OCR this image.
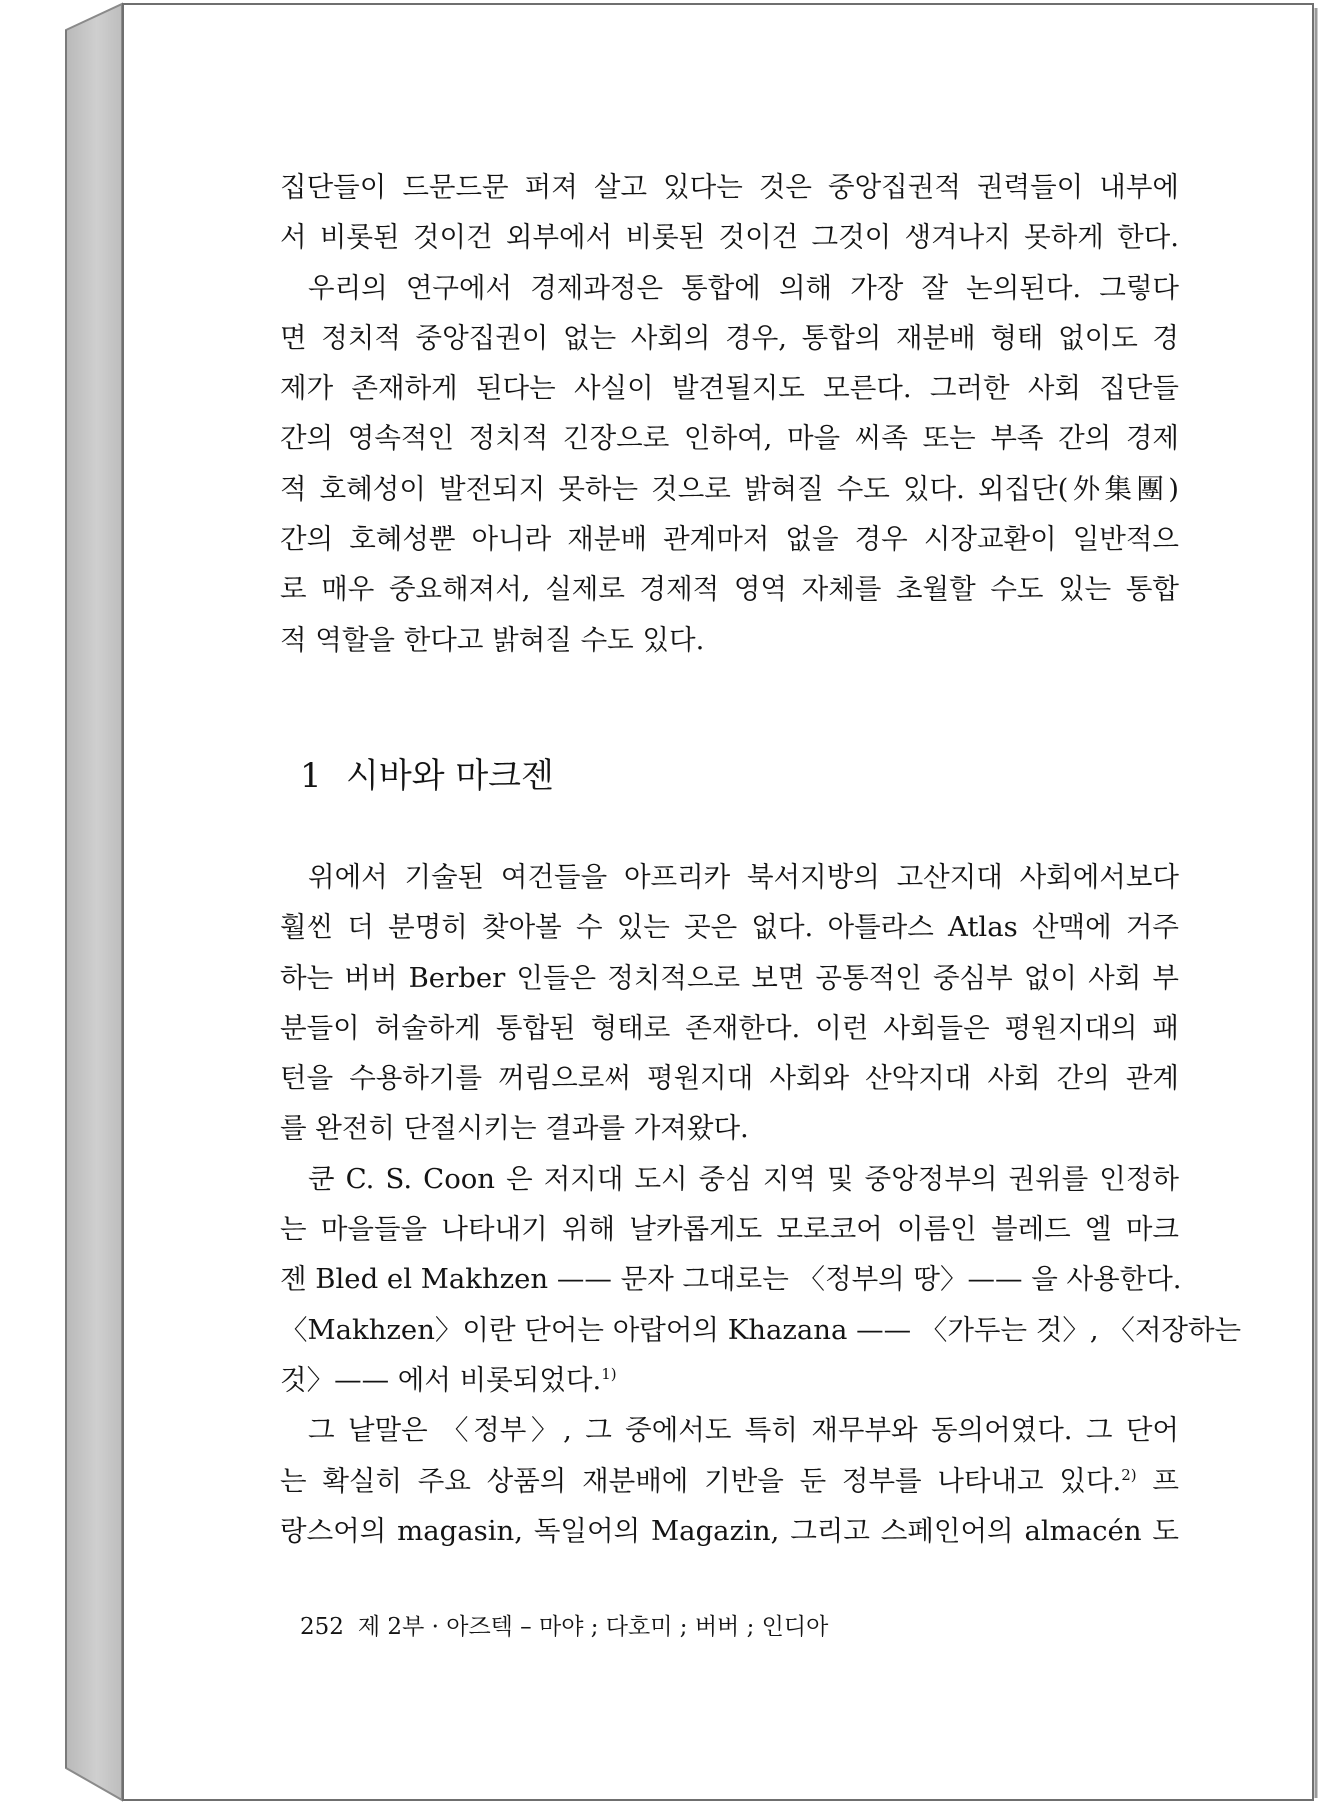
집단들이 드문드문 퍼져 살고 있다는 것은 중앙집권적 권력들이 내부에
서 비롯된 것이건 외부에서 비롯된 것이건 그것이 생겨나지 못하게 한다.
우리의 연구에서 경제과정은 통합에 의해 가장 잘 논의된다. 그렇다
면 정치적 중앙집권이 없는 사회의 경우, 통합의 재분배 형태 없이도 경
제가 존재하게 된다는 사실이 발견될지도 모른다. 그러한 사회 집단들
간의 영속적인 정치적 긴장으로 인하여, 마을 씨족 또는 부족 간의 경제
적 호혜성이 발전되지 못하는 것으로 밝혀질 수도 있다. 외집단(外集團)
간의 호혜성뿐 아니라 재분배 관계마저 없을 경우 시장교환이 일반적으
로 매우 중요해져서, 실제로 경제적 영역 자체를 초월할 수도 있는 통합
적 역할을 한다고 밝혀질 수도 있다.
1 시바와 마크젠
위에서 기술된 여건들을 아프리카 북서지방의 고산지대 사회에서보다
훨씬 더 분명히 찾아볼 수 있는 곳은 없다. 아틀라스 Atlas 산맥에 거주
하는 버버 Berber 인들은 정치적으로 보면 공통적인 중심부 없이 사회 부
분들이 허술하게 통합된 형태로 존재한다. 이런 사회들은 평원지대의 패
턴을 수용하기를 꺼림으로써 평원지대 사회와 산악지대 사회 간의 관계
를 완전히 단절시키는 결과를 가져왔다.
쿤 C. S. Coon 은 저지대 도시 중심 지역 및 중앙정부의 권위를 인정하
는 마을들을 나타내기 위해 날카롭게도 모로코어 이름인 블레드 엘 마크
젠 Bled el Makhzen —— 문자 그대로는 〈정부의 땅〉—— 을 사용한다.
〈Makhzen〉이란 단어는 아랍어의 Khazana —— 〈가두는 것〉, 〈저장하는
것〉—— 에서 비롯되었다.$^{1)}$
그 낱말은 〈정부〉, 그 중에서도 특히 재무부와 동의어였다. 그 단어
는 확실히 주요 상품의 재분배에 기반을 둔 정부를 나타내고 있다.$^{2)}$ 프
랑스어의 magasin, 독일어의 Magazin, 그리고 스페인어의 almacén 도
252 제 2부 · 아즈텍 – 마야 ; 다호미 ; 버버 ; 인디아
